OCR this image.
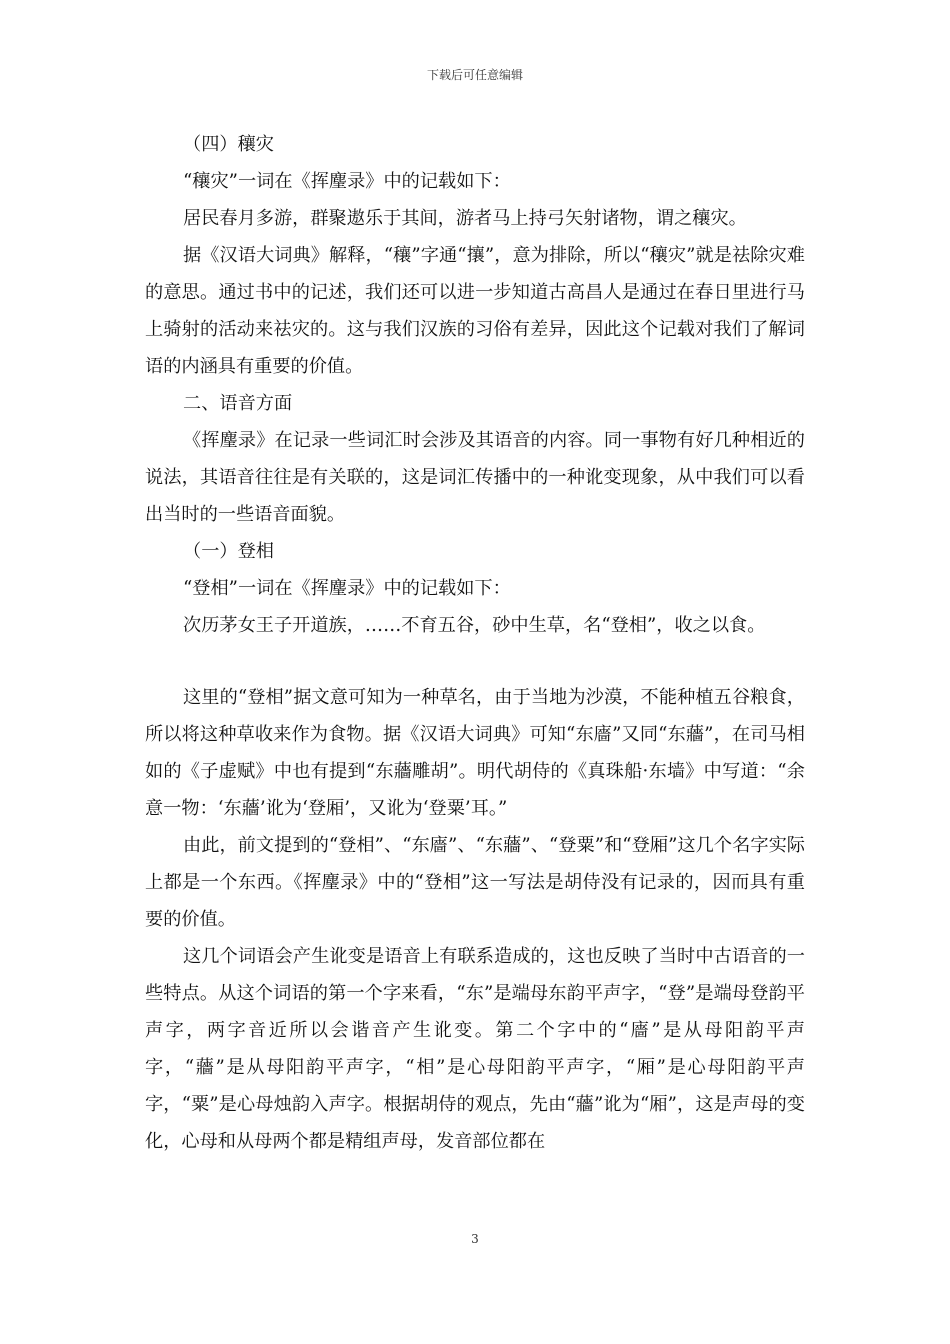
下载后可任意编辑

（四）穰灾

“穰灾”一词在《挥麈录》中的记载如下：

居民春月多游，群聚遨乐于其间，游者马上持弓矢射诸物，谓之穰灾。

据《汉语大词典》解释，“穰”字通“攘”，意为排除，所以“穰灾”就是祛除灾难的意思。通过书中的记述，我们还可以进一步知道古高昌人是通过在春日里进行马上骑射的活动来祛灾的。这与我们汉族的习俗有差异，因此这个记载对我们了解词语的内涵具有重要的价值。

二、语音方面

《挥麈录》在记录一些词汇时会涉及其语音的内容。同一事物有好几种相近的说法，其语音往往是有关联的，这是词汇传播中的一种讹变现象，从中我们可以看出当时的一些语音面貌。

（一）登相

“登相”一词在《挥麈录》中的记载如下：

次历茅女王子开道族，……不育五谷，砂中生草，名“登相”，收之以食。

这里的“登相”据文意可知为一种草名，由于当地为沙漠，不能种植五谷粮食，所以将这种草收来作为食物。据《汉语大词典》可知“东廧”又同“东蘠”，在司马相如的《子虚赋》中也有提到“东蘠雕胡”。明代胡侍的《真珠船·东墙》中写道：“余意一物：‘东蘠’讹为‘登厢’，又讹为‘登粟’耳。”

由此，前文提到的“登相”、“东廧”、“东蘠”、“登粟”和“登厢”这几个名字实际上都是一个东西。《挥麈录》中的“登相”这一写法是胡侍没有记录的，因而具有重要的价值。

这几个词语会产生讹变是语音上有联系造成的，这也反映了当时中古语音的一些特点。从这个词语的第一个字来看，“东”是端母东韵平声字，“登”是端母登韵平声字，两字音近所以会谐音产生讹变。第二个字中的“廧”是从母阳韵平声字，“蘠”是从母阳韵平声字，“相”是心母阳韵平声字，“厢”是心母阳韵平声字，“粟”是心母烛韵入声字。根据胡侍的观点，先由“蘠”讹为“厢”，这是声母的变化，心母和从母两个都是精组声母，发音部位都在

3
